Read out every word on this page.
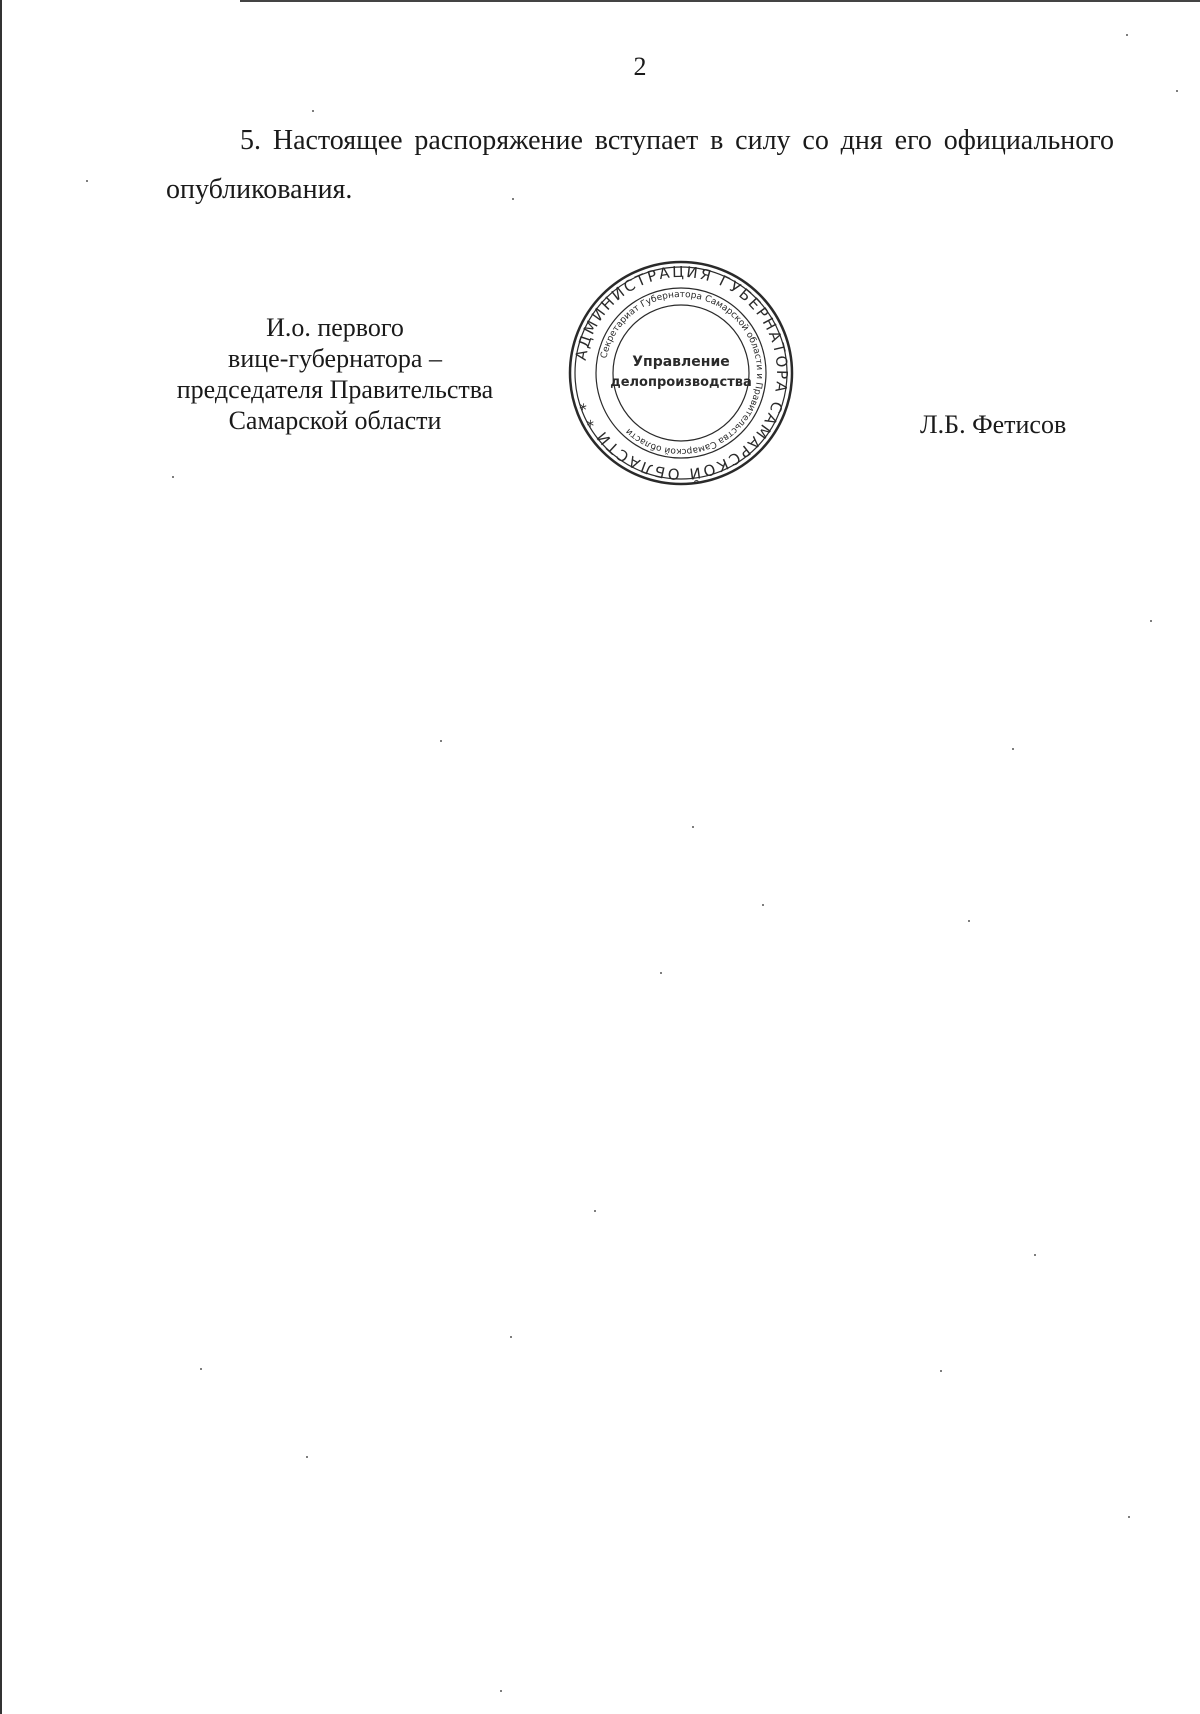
2
5. Настоящее распоряжение вступает в силу со дня его официального опубликования.
И.о. первого
вице-губернатора –
председателя Правительства
Самарской области
АДМИНИСТРАЦИЯ ГУБЕРНАТОРА САМАРСКОЙ ОБЛАСТИ * *
Секретариат Губернатора Самарской области и Правительства Самарской области
Управление
делопроизводства
Л.Б. Фетисов
